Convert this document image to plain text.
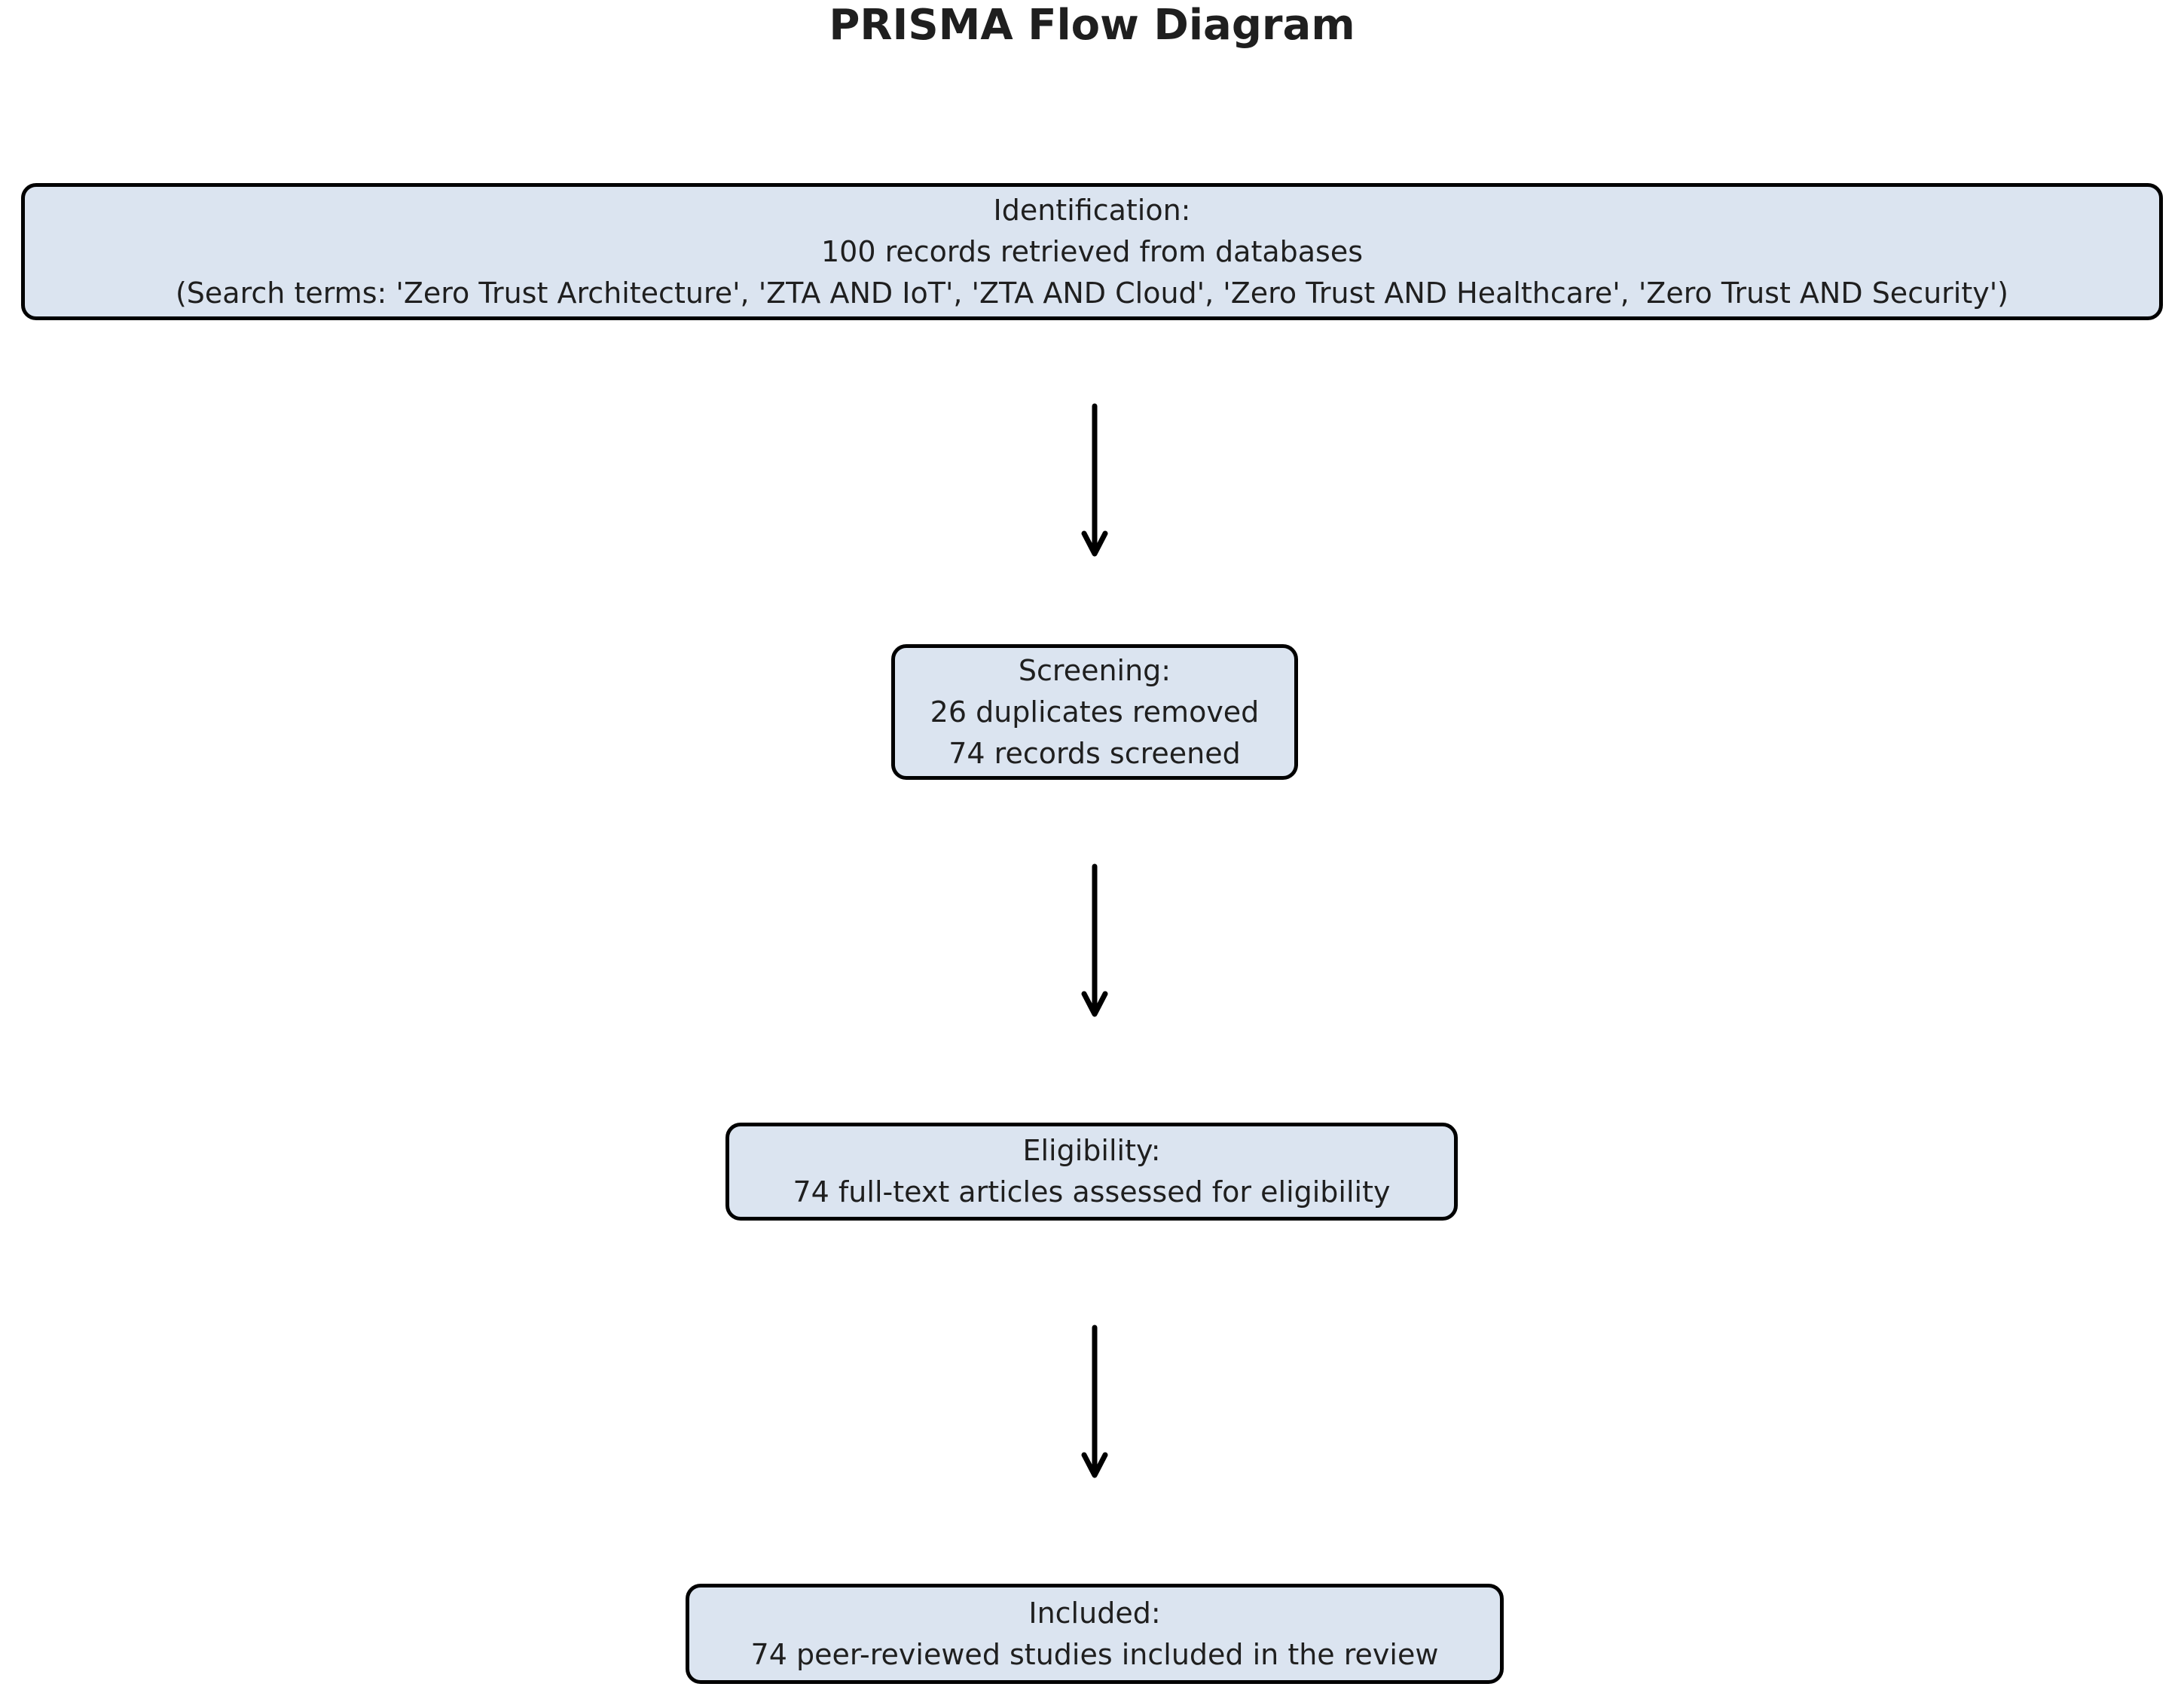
PRISMA Flow Diagram
Identification:
100 records retrieved from databases
(Search terms: 'Zero Trust Architecture', 'ZTA AND IoT', 'ZTA AND Cloud', 'Zero Trust AND Healthcare', 'Zero Trust AND Security')
Screening:
26 duplicates removed
74 records screened
Eligibility:
74 full-text articles assessed for eligibility
Included:
74 peer-reviewed studies included in the review
